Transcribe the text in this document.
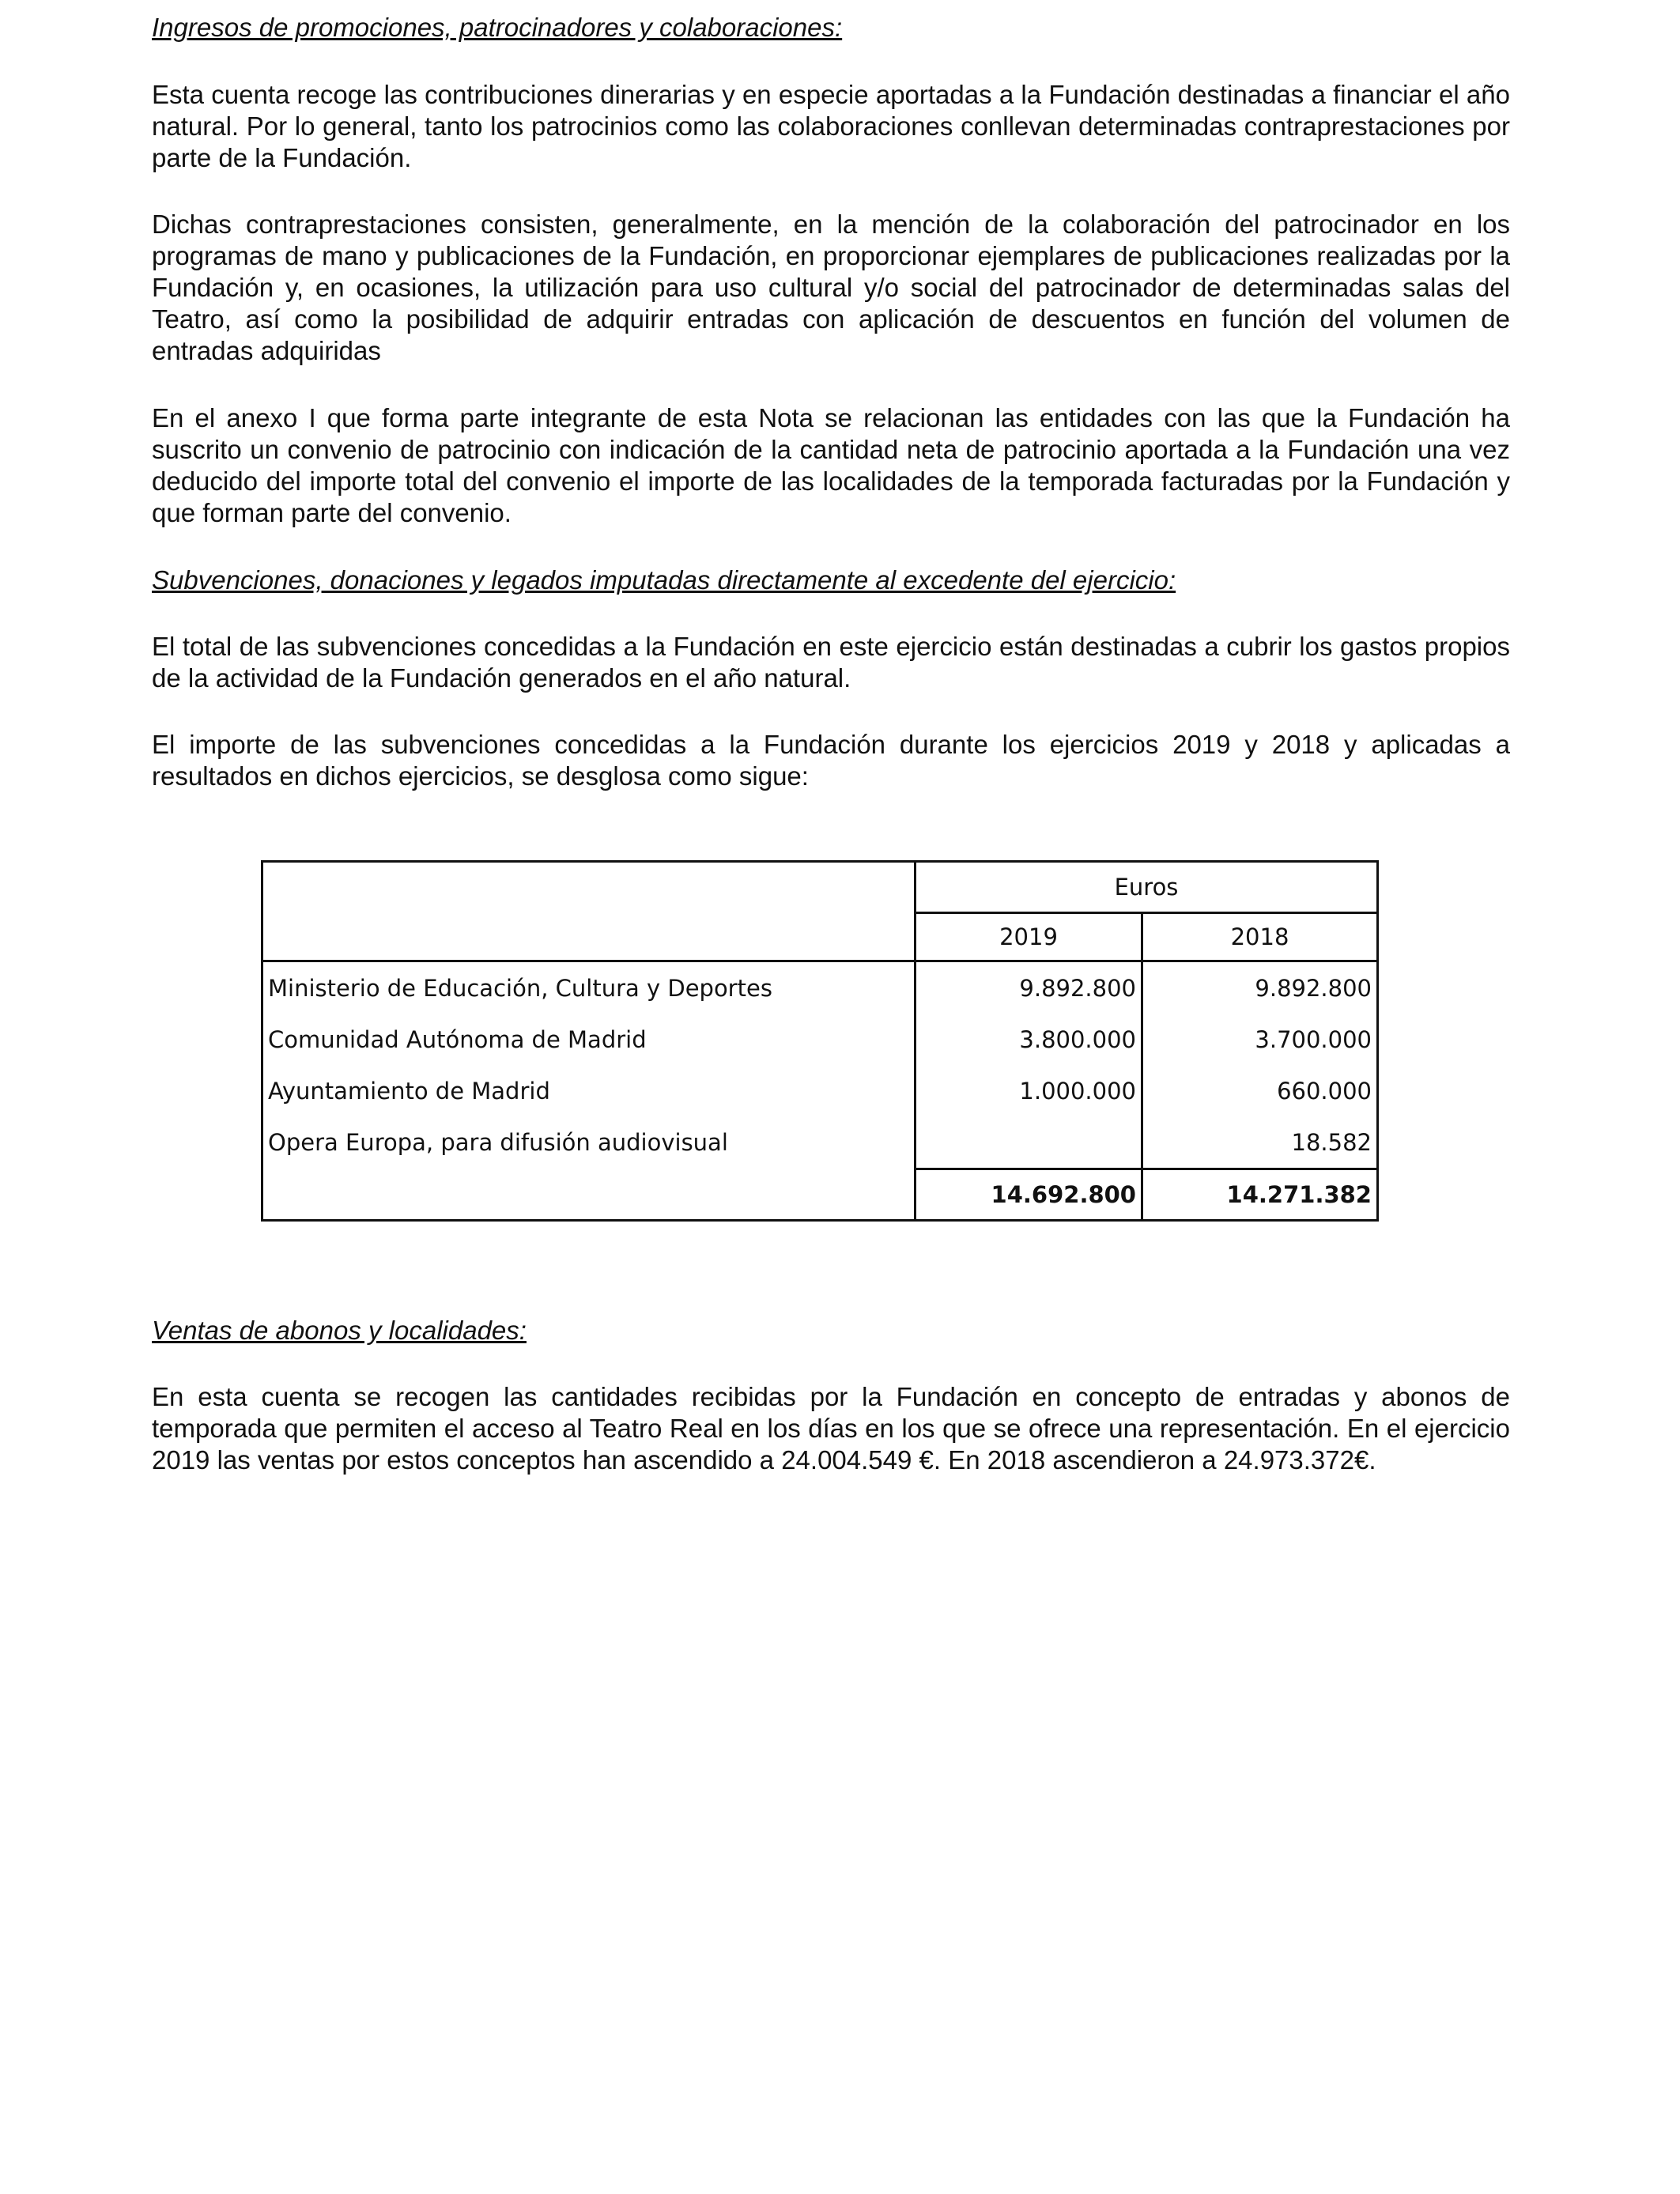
Ingresos de promociones, patrocinadores y colaboraciones:

Esta cuenta recoge las contribuciones dinerarias y en especie aportadas a la Fundación destinadas a financiar el año natural. Por lo general, tanto los patrocinios como las colaboraciones conllevan determinadas contraprestaciones por parte de la Fundación.

Dichas contraprestaciones consisten, generalmente, en la mención de la colaboración del patrocinador en los programas de mano y publicaciones de la Fundación, en proporcionar ejemplares de publicaciones realizadas por la Fundación y, en ocasiones, la utilización para uso cultural y/o social del patrocinador de determinadas salas del Teatro, así como la posibilidad de adquirir entradas con aplicación de descuentos en función del volumen de entradas adquiridas

En el anexo I que forma parte integrante de esta Nota se relacionan las entidades con las que la Fundación ha suscrito un convenio de patrocinio con indicación de la cantidad neta de patrocinio aportada a la Fundación una vez deducido del importe total del convenio el importe de las localidades de la temporada facturadas por la Fundación y que forman parte del convenio.

Subvenciones, donaciones y legados imputadas directamente al excedente del ejercicio:

El total de las subvenciones concedidas a la Fundación en este ejercicio están destinadas a cubrir los gastos propios de la actividad de la Fundación generados en el año natural.

El importe de las subvenciones concedidas a la Fundación durante los ejercicios 2019 y 2018 y aplicadas a resultados en dichos ejercicios, se desglosa como sigue:

	Euros	
	2019	2018
Ministerio de Educación, Cultura y Deportes	9.892.800	9.892.800
Comunidad Autónoma de Madrid	3.800.000	3.700.000
Ayuntamiento de Madrid	1.000.000	660.000
Opera Europa, para difusión audiovisual		18.582
	14.692.800	14.271.382

Ventas de abonos y localidades:

En esta cuenta se recogen las cantidades recibidas por la Fundación en concepto de entradas y abonos de temporada que permiten el acceso al Teatro Real en los días en los que se ofrece una representación. En el ejercicio 2019 las ventas por estos conceptos han ascendido a 24.004.549 €. En 2018 ascendieron a 24.973.372€.
